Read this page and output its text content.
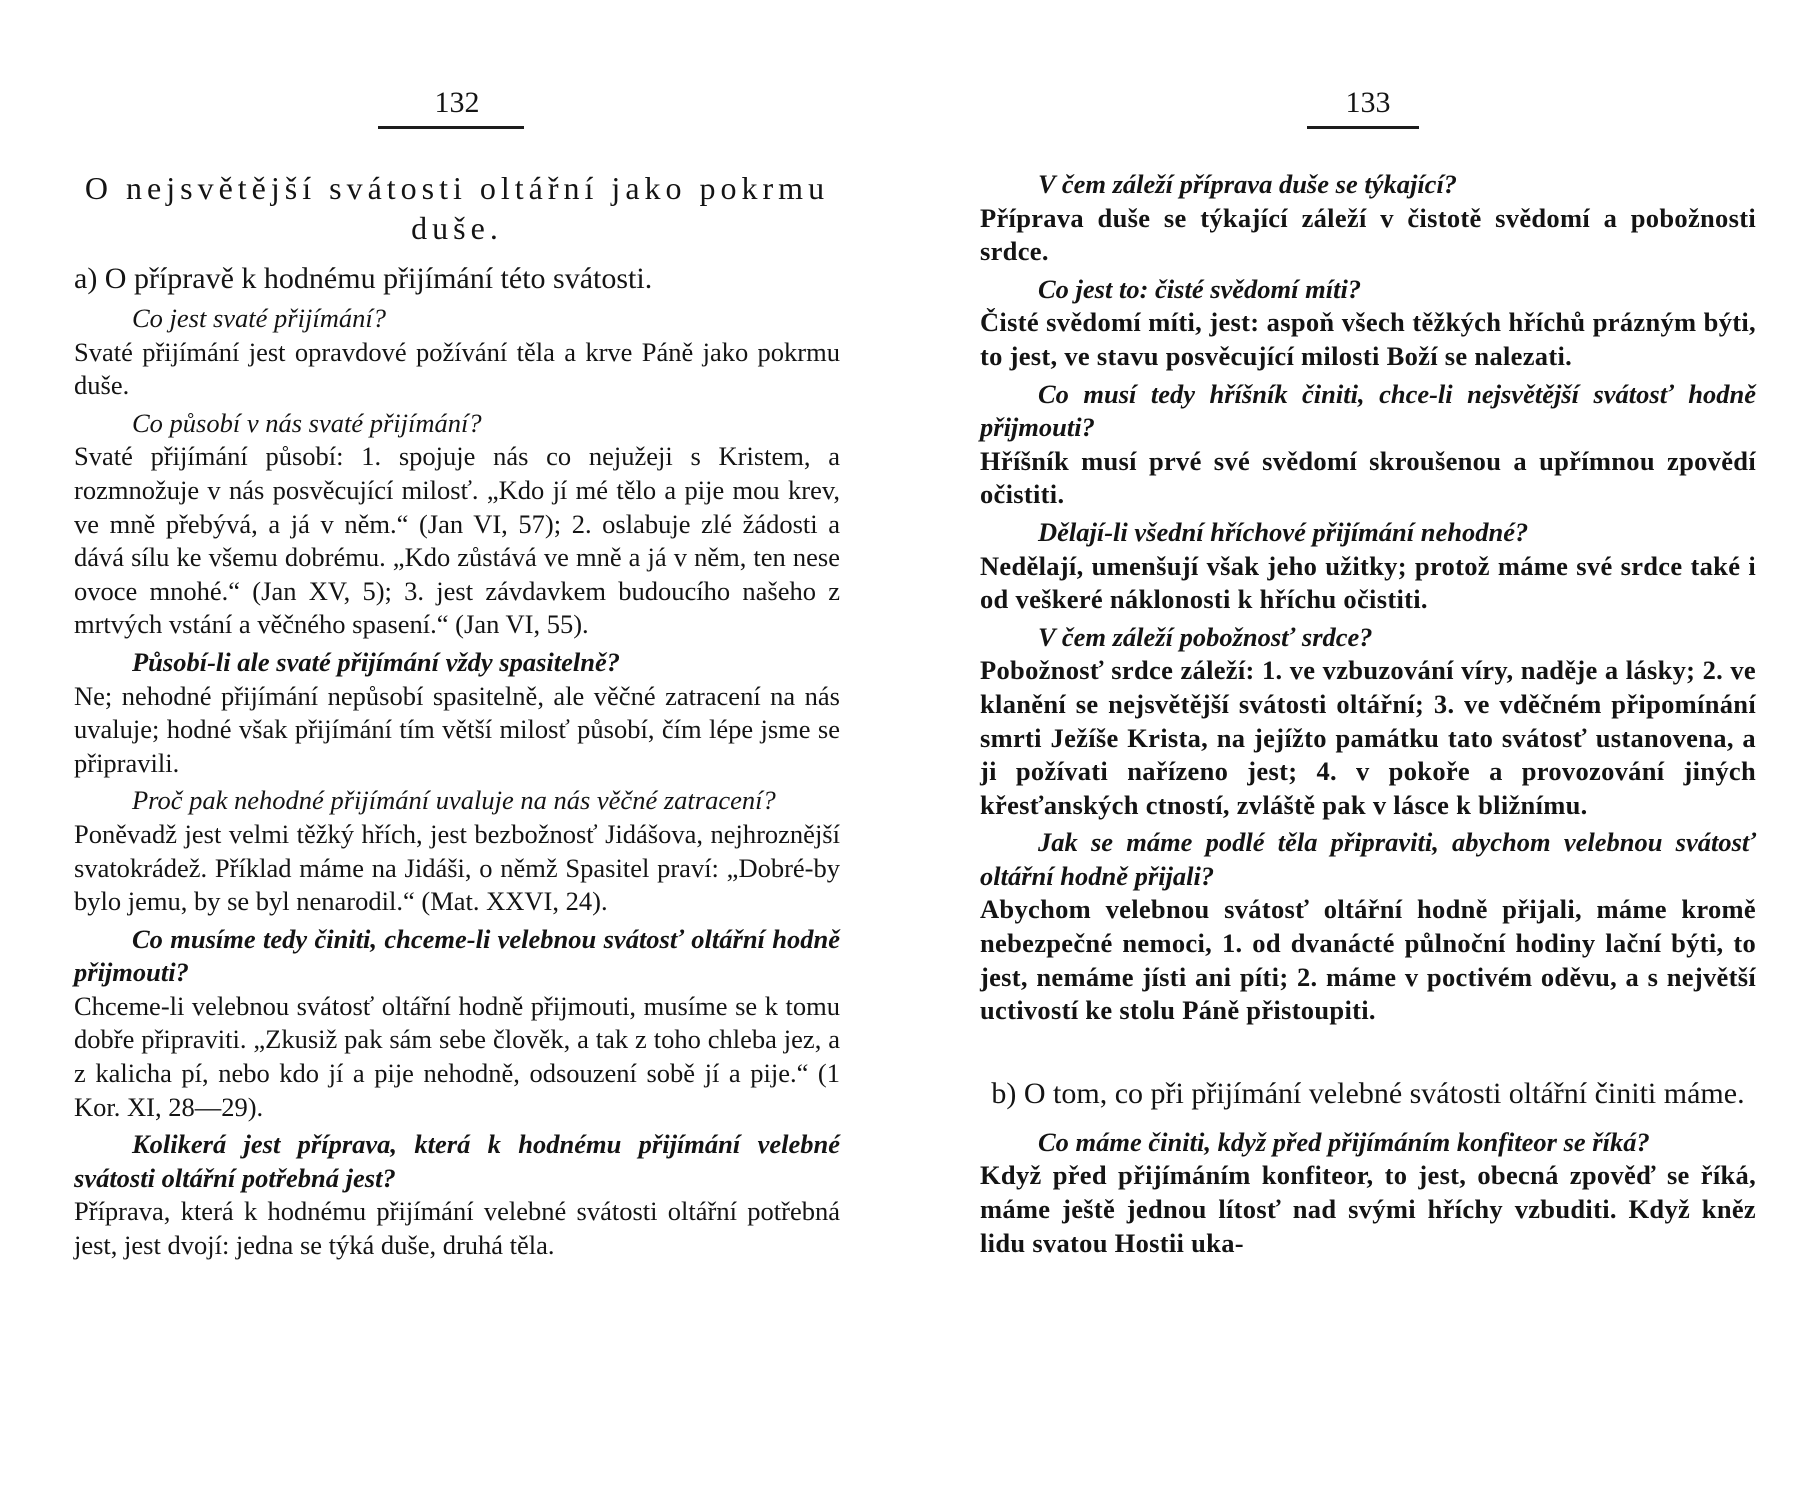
132
O nejsvětější svátosti oltářní jako pokrmu duše.
a) O přípravě k hodnému přijímání této svátosti.

Co jest svaté přijímání?

Svaté přijímání jest opravdové požívání těla a krve Páně jako pokrmu duše.

Co působí v nás svaté přijímání?

Svaté přijímání působí: 1. spojuje nás co nejužeji s Kristem, a rozmnožuje v nás posvěcující milosť. „Kdo jí mé tělo a pije mou krev, ve mně přebývá, a já v něm.“ (Jan VI, 57); 2. oslabuje zlé žádosti a dává sílu ke všemu dobrému. „Kdo zůstává ve mně a já v něm, ten nese ovoce mnohé.“ (Jan XV, 5); 3. jest závdavkem budoucího našeho z mrtvých vstání a věčného spasení.“ (Jan VI, 55).

Působí-li ale svaté přijímání vždy spasitelně?

Ne; nehodné přijímání nepůsobí spasitelně, ale věčné zatracení na nás uvaluje; hodné však přijímání tím větší milosť působí, čím lépe jsme se připravili.

Proč pak nehodné přijímání uvaluje na nás věčné zatracení?

Poněvadž jest velmi těžký hřích, jest bezbožnosť Jidášova, nejhroznější svatokrádež. Příklad máme na Jidáši, o němž Spasitel praví: „Dobré-by bylo jemu, by se byl nenarodil.“ (Mat. XXVI, 24).

Co musíme tedy činiti, chceme-li velebnou svátosť oltářní hodně přijmouti?

Chceme-li velebnou svátosť oltářní hodně přijmouti, musíme se k tomu dobře připraviti. „Zkusiž pak sám sebe člověk, a tak z toho chleba jez, a z kalicha pí, nebo kdo jí a pije nehodně, odsouzení sobě jí a pije.“ (1 Kor. XI, 28—29).

Kolikerá jest příprava, která k hodnému přijímání velebné svátosti oltářní potřebná jest?

Příprava, která k hodnému přijímání velebné svátosti oltářní potřebná jest, jest dvojí: jedna se týká duše, druhá těla.

133

V čem záleží příprava duše se týkající?

Příprava duše se týkající záleží v čistotě svědomí a pobožnosti srdce.

Co jest to: čisté svědomí míti?

Čisté svědomí míti, jest: aspoň všech těžkých hříchů prázným býti, to jest, ve stavu posvěcující milosti Boží se nalezati.

Co musí tedy hříšník činiti, chce-li nejsvětější svátosť hodně přijmouti?

Hříšník musí prvé své svědomí skroušenou a upřímnou zpovědí očistiti.

Dělají-li všední hříchové přijímání nehodné?

Nedělají, umenšují však jeho užitky; protož máme své srdce také i od veškeré náklonosti k hříchu očistiti.

V čem záleží pobožnosť srdce?

Pobožnosť srdce záleží: 1. ve vzbuzování víry, naděje a lásky; 2. ve klanění se nejsvětější svátosti oltářní; 3. ve vděčném připomínání smrti Ježíše Krista, na jejížto památku tato svátosť ustanovena, a ji požívati nařízeno jest; 4. v pokoře a provozování jiných křesťanských ctností, zvláště pak v lásce k bližnímu.

Jak se máme podlé těla připraviti, abychom velebnou svátosť oltářní hodně přijali?

Abychom velebnou svátosť oltářní hodně přijali, máme kromě nebezpečné nemoci, 1. od dvanácté půlnoční hodiny lační býti, to jest, nemáme jísti ani píti; 2. máme v poctivém oděvu, a s největší uctivostí ke stolu Páně přistoupiti.

b) O tom, co při přijímání velebné svátosti oltářní činiti máme.

Co máme činiti, když před přijímáním konfiteor se říká?

Když před přijímáním konfiteor, to jest, obecná zpověď se říká, máme ještě jednou lítosť nad svými hříchy vzbuditi. Když kněz lidu svatou Hostii uka-
